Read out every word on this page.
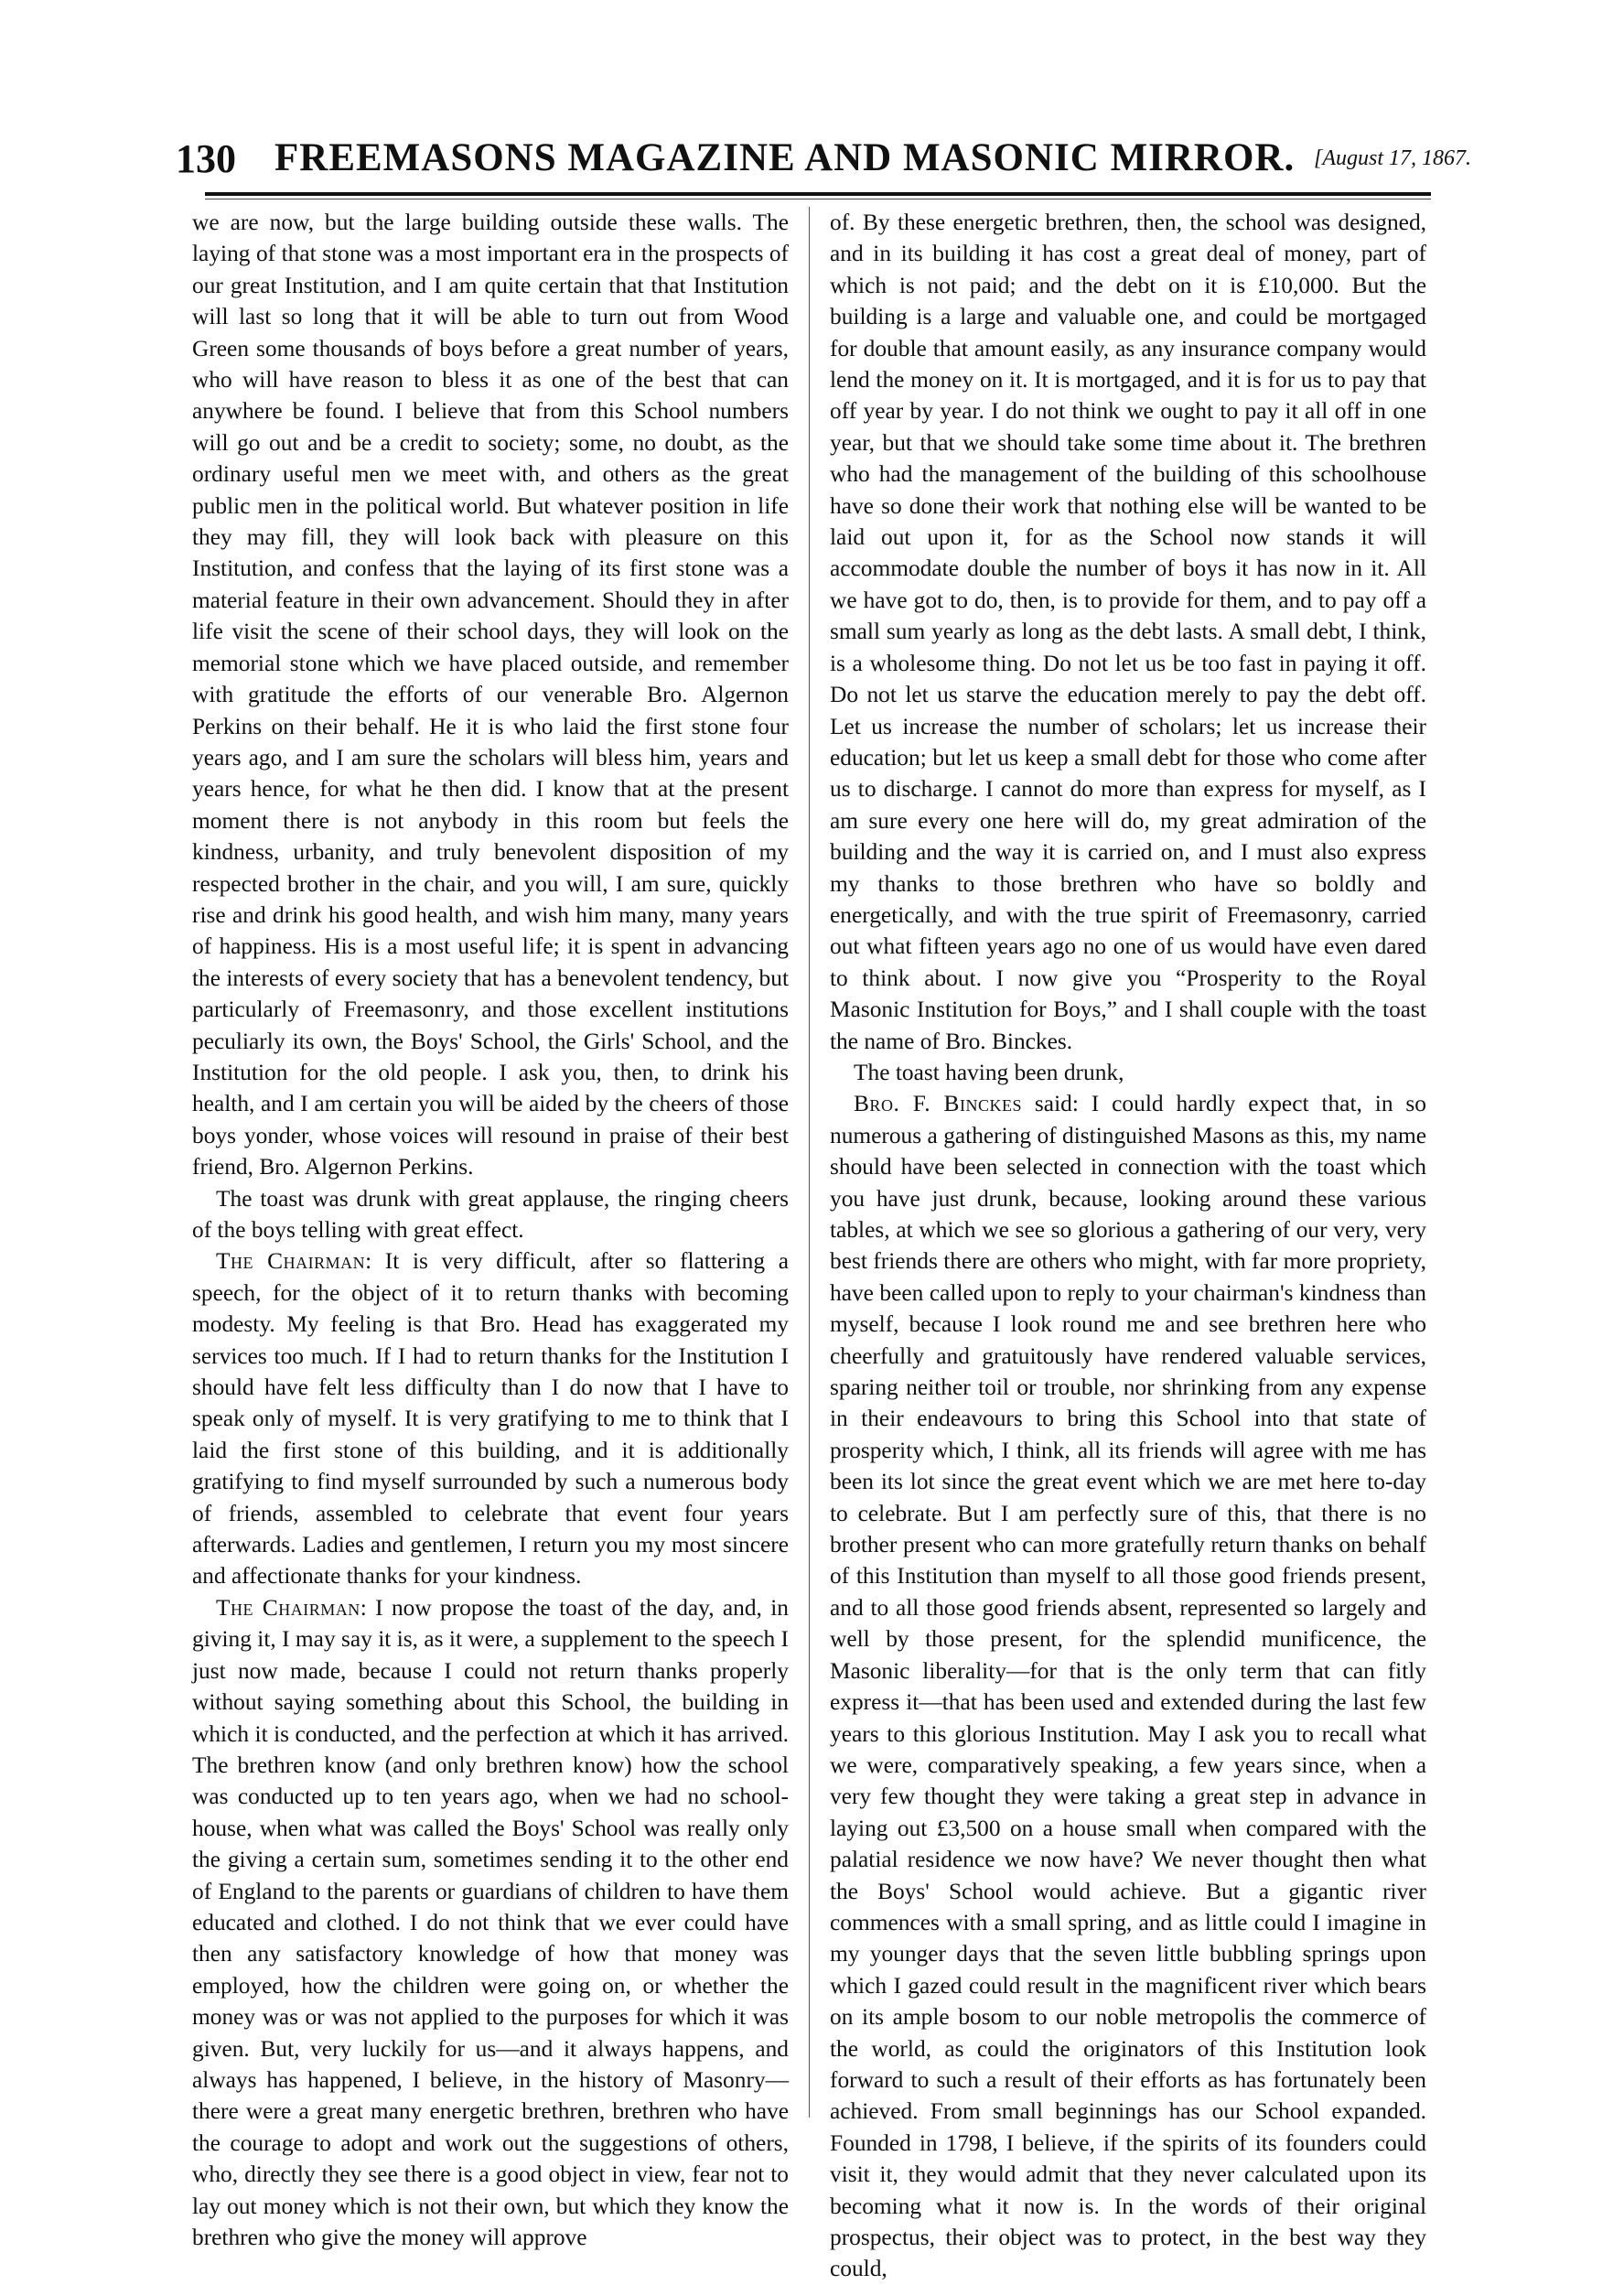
130 FREEMASONS MAGAZINE AND MASONIC MIRROR. [August 17, 1867.

we are now, but the large building outside these walls. The laying of that stone was a most important era in the prospects of our great Institution, and I am quite certain that that Institution will last so long that it will be able to turn out from Wood Green some thousands of boys before a great number of years, who will have reason to bless it as one of the best that can anywhere be found. I believe that from this School numbers will go out and be a credit to society; some, no doubt, as the ordinary useful men we meet with, and others as the great public men in the political world. But whatever position in life they may fill, they will look back with pleasure on this Institution, and confess that the laying of its first stone was a material feature in their own advancement. Should they in after life visit the scene of their school days, they will look on the memorial stone which we have placed outside, and remember with gratitude the efforts of our venerable Bro. Algernon Perkins on their behalf. He it is who laid the first stone four years ago, and I am sure the scholars will bless him, years and years hence, for what he then did. I know that at the present moment there is not anybody in this room but feels the kindness, urbanity, and truly benevolent disposition of my respected brother in the chair, and you will, I am sure, quickly rise and drink his good health, and wish him many, many years of happiness. His is a most useful life; it is spent in advancing the interests of every society that has a benevolent tendency, but particularly of Freemasonry, and those excellent institutions peculiarly its own, the Boys' School, the Girls' School, and the Institution for the old people. I ask you, then, to drink his health, and I am certain you will be aided by the cheers of those boys yonder, whose voices will resound in praise of their best friend, Bro. Algernon Perkins.

The toast was drunk with great applause, the ringing cheers of the boys telling with great effect.

The Chairman: It is very difficult, after so flattering a speech, for the object of it to return thanks with becoming modesty. My feeling is that Bro. Head has exaggerated my services too much. If I had to return thanks for the Institution I should have felt less difficulty than I do now that I have to speak only of myself. It is very gratifying to me to think that I laid the first stone of this building, and it is additionally gratifying to find myself surrounded by such a numerous body of friends, assembled to celebrate that event four years afterwards. Ladies and gentlemen, I return you my most sincere and affectionate thanks for your kindness.

The Chairman: I now propose the toast of the day, and, in giving it, I may say it is, as it were, a supplement to the speech I just now made, because I could not return thanks properly without saying something about this School, the building in which it is conducted, and the perfection at which it has arrived. The brethren know (and only brethren know) how the school was conducted up to ten years ago, when we had no school-house, when what was called the Boys' School was really only the giving a certain sum, sometimes sending it to the other end of England to the parents or guardians of children to have them educated and clothed. I do not think that we ever could have then any satisfactory knowledge of how that money was employed, how the children were going on, or whether the money was or was not applied to the purposes for which it was given. But, very luckily for us—and it always happens, and always has happened, I believe, in the history of Masonry—there were a great many energetic brethren, brethren who have the courage to adopt and work out the suggestions of others, who, directly they see there is a good object in view, fear not to lay out money which is not their own, but which they know the brethren who give the money will approve

of. By these energetic brethren, then, the school was designed, and in its building it has cost a great deal of money, part of which is not paid; and the debt on it is £10,000. But the building is a large and valuable one, and could be mortgaged for double that amount easily, as any insurance company would lend the money on it. It is mortgaged, and it is for us to pay that off year by year. I do not think we ought to pay it all off in one year, but that we should take some time about it. The brethren who had the management of the building of this schoolhouse have so done their work that nothing else will be wanted to be laid out upon it, for as the School now stands it will accommodate double the number of boys it has now in it. All we have got to do, then, is to provide for them, and to pay off a small sum yearly as long as the debt lasts. A small debt, I think, is a wholesome thing. Do not let us be too fast in paying it off. Do not let us starve the education merely to pay the debt off. Let us increase the number of scholars; let us increase their education; but let us keep a small debt for those who come after us to discharge. I cannot do more than express for myself, as I am sure every one here will do, my great admiration of the building and the way it is carried on, and I must also express my thanks to those brethren who have so boldly and energetically, and with the true spirit of Freemasonry, carried out what fifteen years ago no one of us would have even dared to think about. I now give you “Prosperity to the Royal Masonic Institution for Boys,” and I shall couple with the toast the name of Bro. Binckes.

The toast having been drunk,

Bro. F. Binckes said: I could hardly expect that, in so numerous a gathering of distinguished Masons as this, my name should have been selected in connection with the toast which you have just drunk, because, looking around these various tables, at which we see so glorious a gathering of our very, very best friends there are others who might, with far more propriety, have been called upon to reply to your chairman's kindness than myself, because I look round me and see brethren here who cheerfully and gratuitously have rendered valuable services, sparing neither toil or trouble, nor shrinking from any expense in their endeavours to bring this School into that state of prosperity which, I think, all its friends will agree with me has been its lot since the great event which we are met here to-day to celebrate. But I am perfectly sure of this, that there is no brother present who can more gratefully return thanks on behalf of this Institution than myself to all those good friends present, and to all those good friends absent, represented so largely and well by those present, for the splendid munificence, the Masonic liberality—for that is the only term that can fitly express it—that has been used and extended during the last few years to this glorious Institution. May I ask you to recall what we were, comparatively speaking, a few years since, when a very few thought they were taking a great step in advance in laying out £3,500 on a house small when compared with the palatial residence we now have? We never thought then what the Boys' School would achieve. But a gigantic river commences with a small spring, and as little could I imagine in my younger days that the seven little bubbling springs upon which I gazed could result in the magnificent river which bears on its ample bosom to our noble metropolis the commerce of the world, as could the originators of this Institution look forward to such a result of their efforts as has fortunately been achieved. From small beginnings has our School expanded. Founded in 1798, I believe, if the spirits of its founders could visit it, they would admit that they never calculated upon its becoming what it now is. In the words of their original prospectus, their object was to protect, in the best way they could,
